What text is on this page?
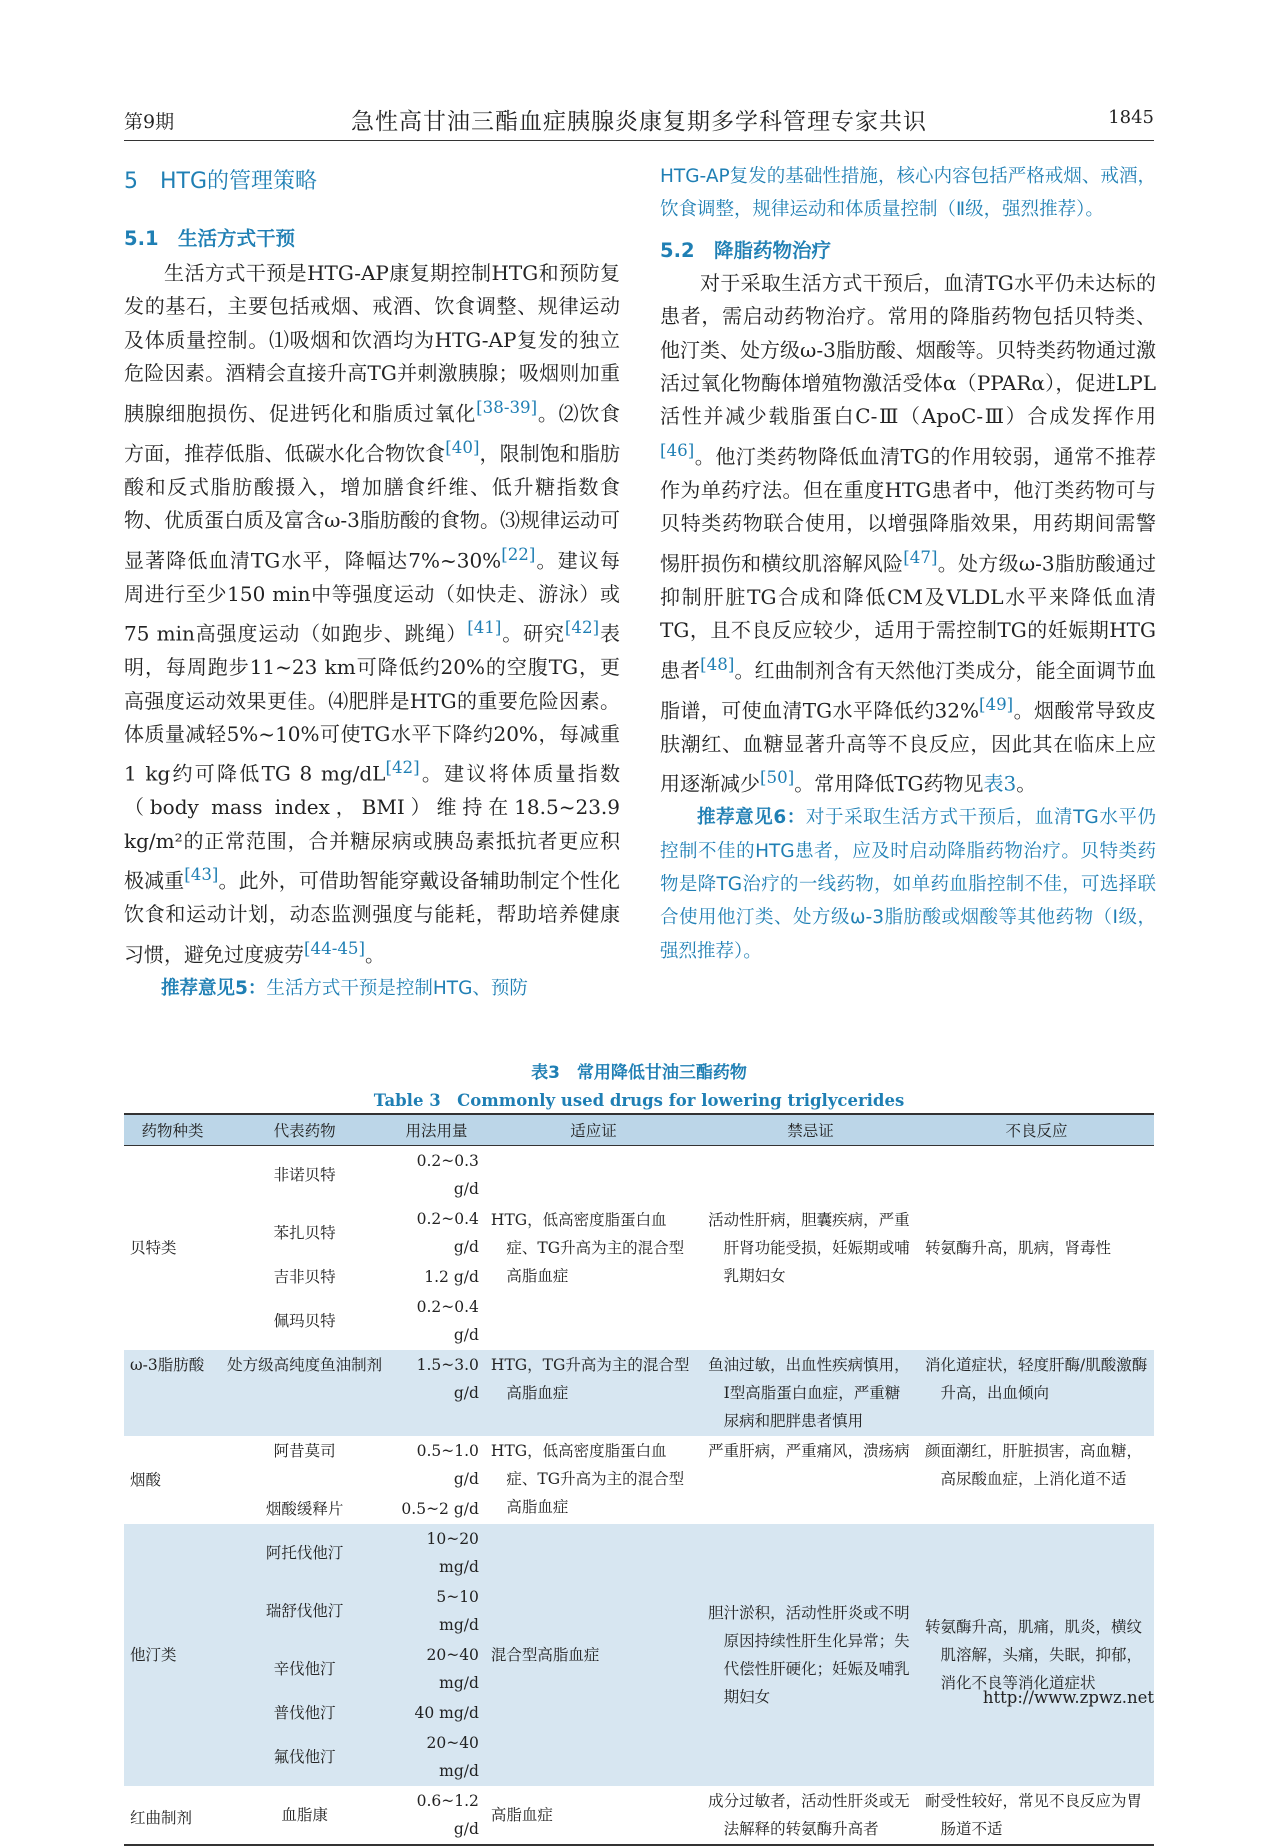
第9期	急性高甘油三酯血症胰腺炎康复期多学科管理专家共识	1845
5　HTG的管理策略
5.1　生活方式干预

生活方式干预是HTG-AP康复期控制HTG和预防复发的基石，主要包括戒烟、戒酒、饮食调整、规律运动及体质量控制。⑴吸烟和饮酒均为HTG-AP复发的独立危险因素。酒精会直接升高TG并刺激胰腺；吸烟则加重胰腺细胞损伤、促进钙化和脂质过氧化[38-39]。⑵饮食方面，推荐低脂、低碳水化合物饮食[40]，限制饱和脂肪酸和反式脂肪酸摄入，增加膳食纤维、低升糖指数食物、优质蛋白质及富含ω-3脂肪酸的食物。⑶规律运动可显著降低血清TG水平，降幅达7%~30%[22]。建议每周进行至少150 min中等强度运动（如快走、游泳）或75 min高强度运动（如跑步、跳绳）[41]。研究[42]表明，每周跑步11~23 km可降低约20%的空腹TG，更高强度运动效果更佳。⑷肥胖是HTG的重要危险因素。体质量减轻5%~10%可使TG水平下降约20%，每减重1 kg约可降低TG 8 mg/dL[42]。建议将体质量指数（body mass index，BMI）维持在18.5~23.9 kg/m²的正常范围，合并糖尿病或胰岛素抵抗者更应积极减重[43]。此外，可借助智能穿戴设备辅助制定个性化饮食和运动计划，动态监测强度与能耗，帮助培养健康习惯，避免过度疲劳[44-45]。

推荐意见5：生活方式干预是控制HTG、预防

HTG-AP复发的基础性措施，核心内容包括严格戒烟、戒酒，饮食调整，规律运动和体质量控制（Ⅱ级，强烈推荐）。

5.2　降脂药物治疗

对于采取生活方式干预后，血清TG水平仍未达标的患者，需启动药物治疗。常用的降脂药物包括贝特类、他汀类、处方级ω-3脂肪酸、烟酸等。贝特类药物通过激活过氧化物酶体增殖物激活受体α（PPARα），促进LPL活性并减少载脂蛋白C-Ⅲ（ApoC-Ⅲ）合成发挥作用[46]。他汀类药物降低血清TG的作用较弱，通常不推荐作为单药疗法。但在重度HTG患者中，他汀类药物可与贝特类药物联合使用，以增强降脂效果，用药期间需警惕肝损伤和横纹肌溶解风险[47]。处方级ω-3脂肪酸通过抑制肝脏TG合成和降低CM及VLDL水平来降低血清TG，且不良反应较少，适用于需控制TG的妊娠期HTG患者[48]。红曲制剂含有天然他汀类成分，能全面调节血脂谱，可使血清TG水平降低约32%[49]。烟酸常导致皮肤潮红、血糖显著升高等不良反应，因此其在临床上应用逐渐减少[50]。常用降低TG药物见表3。

推荐意见6：对于采取生活方式干预后，血清TG水平仍控制不佳的HTG患者，应及时启动降脂药物治疗。贝特类药物是降TG治疗的一线药物，如单药血脂控制不佳，可选择联合使用他汀类、处方级ω-3脂肪酸或烟酸等其他药物（Ⅰ级，强烈推荐）。

表3　常用降低甘油三酯药物
Table 3　Commonly used drugs for lowering triglycerides
药物种类	代表药物	用法用量	适应证	禁忌证	不良反应
贝特类	非诺贝特	0.2~0.3 g/d	HTG，低高密度脂蛋白血症、TG升高为主的混合型高脂血症	活动性肝病，胆囊疾病，严重肝肾功能受损，妊娠期或哺乳期妇女	转氨酶升高，肌病，肾毒性

	苯扎贝特	0.2~0.4 g/d			
	吉非贝特	1.2 g/d			
	佩玛贝特	0.2~0.4 g/d			
ω-3脂肪酸	处方级高纯度鱼油制剂	1.5~3.0 g/d	HTG，TG升高为主的混合型高脂血症	鱼油过敏，出血性疾病慎用，Ⅰ型高脂蛋白血症，严重糖尿病和肥胖患者慎用	消化道症状，轻度肝酶/肌酸激酶升高，出血倾向

烟酸	阿昔莫司	0.5~1.0 g/d	HTG，低高密度脂蛋白血症、TG升高为主的混合型高脂血症	严重肝病，严重痛风，溃疡病	颜面潮红，肝脏损害，高血糖，高尿酸血症，上消化道不适

	烟酸缓释片	0.5~2 g/d			
他汀类	阿托伐他汀	10~20 mg/d	混合型高脂血症	胆汁淤积，活动性肝炎或不明原因持续性肝生化异常；失代偿性肝硬化；妊娠及哺乳期妇女	转氨酶升高，肌痛，肌炎，横纹肌溶解，头痛，失眠，抑郁，消化不良等消化道症状

	瑞舒伐他汀	5~10 mg/d			
	辛伐他汀	20~40 mg/d			
	普伐他汀	40 mg/d			
	氟伐他汀	20~40 mg/d			
红曲制剂	血脂康	0.6~1.2 g/d	高脂血症	成分过敏者，活动性肝炎或无法解释的转氨酶升高者	耐受性较好，常见不良反应为胃肠道不适
http://www.zpwz.net
